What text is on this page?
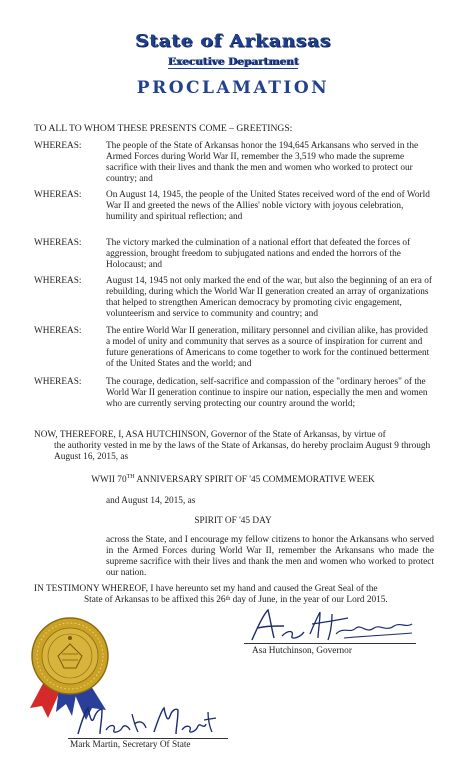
State of Arkansas
Executive Department
PROCLAMATION
TO ALL TO WHOM THESE PRESENTS COME – GREETINGS:
WHEREAS:	The people of the State of Arkansas honor the 194,645 Arkansans who served in the Armed Forces during World War II, remember the 3,519 who made the supreme sacrifice with their lives and thank the men and women who worked to protect our country; and
WHEREAS:	On August 14, 1945, the people of the United States received word of the end of World War II and greeted the news of the Allies' noble victory with joyous celebration, humility and spiritual reflection; and
WHEREAS:	The victory marked the culmination of a national effort that defeated the forces of aggression, brought freedom to subjugated nations and ended the horrors of the Holocaust; and
WHEREAS:	August 14, 1945 not only marked the end of the war, but also the beginning of an era of rebuilding, during which the World War II generation created an array of organizations that helped to strengthen American democracy by promoting civic engagement, volunteerism and service to community and country; and
WHEREAS:	The entire World War II generation, military personnel and civilian alike, has provided a model of unity and community that serves as a source of inspiration for current and future generations of Americans to come together to work for the continued betterment of the United States and the world; and
WHEREAS:	The courage, dedication, self-sacrifice and compassion of the "ordinary heroes" of the World War II generation continue to inspire our nation, especially the men and women who are currently serving protecting our country around the world;
NOW, THEREFORE, I, ASA HUTCHINSON, Governor of the State of Arkansas, by virtue of
the authority vested in me by the laws of the State of Arkansas, do hereby proclaim August 9 through August 16, 2015, as
WWII 70TH ANNIVERSARY SPIRIT OF '45 COMMEMORATIVE WEEK
and August 14, 2015, as
SPIRIT OF '45 DAY
across the State, and I encourage my fellow citizens to honor the Arkansans who served in the Armed Forces during World War II, remember the Arkansans who made the supreme sacrifice with their lives and thank the men and women who worked to protect our nation.
IN TESTIMONY WHEREOF, I have hereunto set my hand and caused the Great Seal of the
State of Arkansas to be affixed this 26th day of June, in the year of our Lord 2015.
Asa Hutchinson, Governor
Mark Martin, Secretary Of State
